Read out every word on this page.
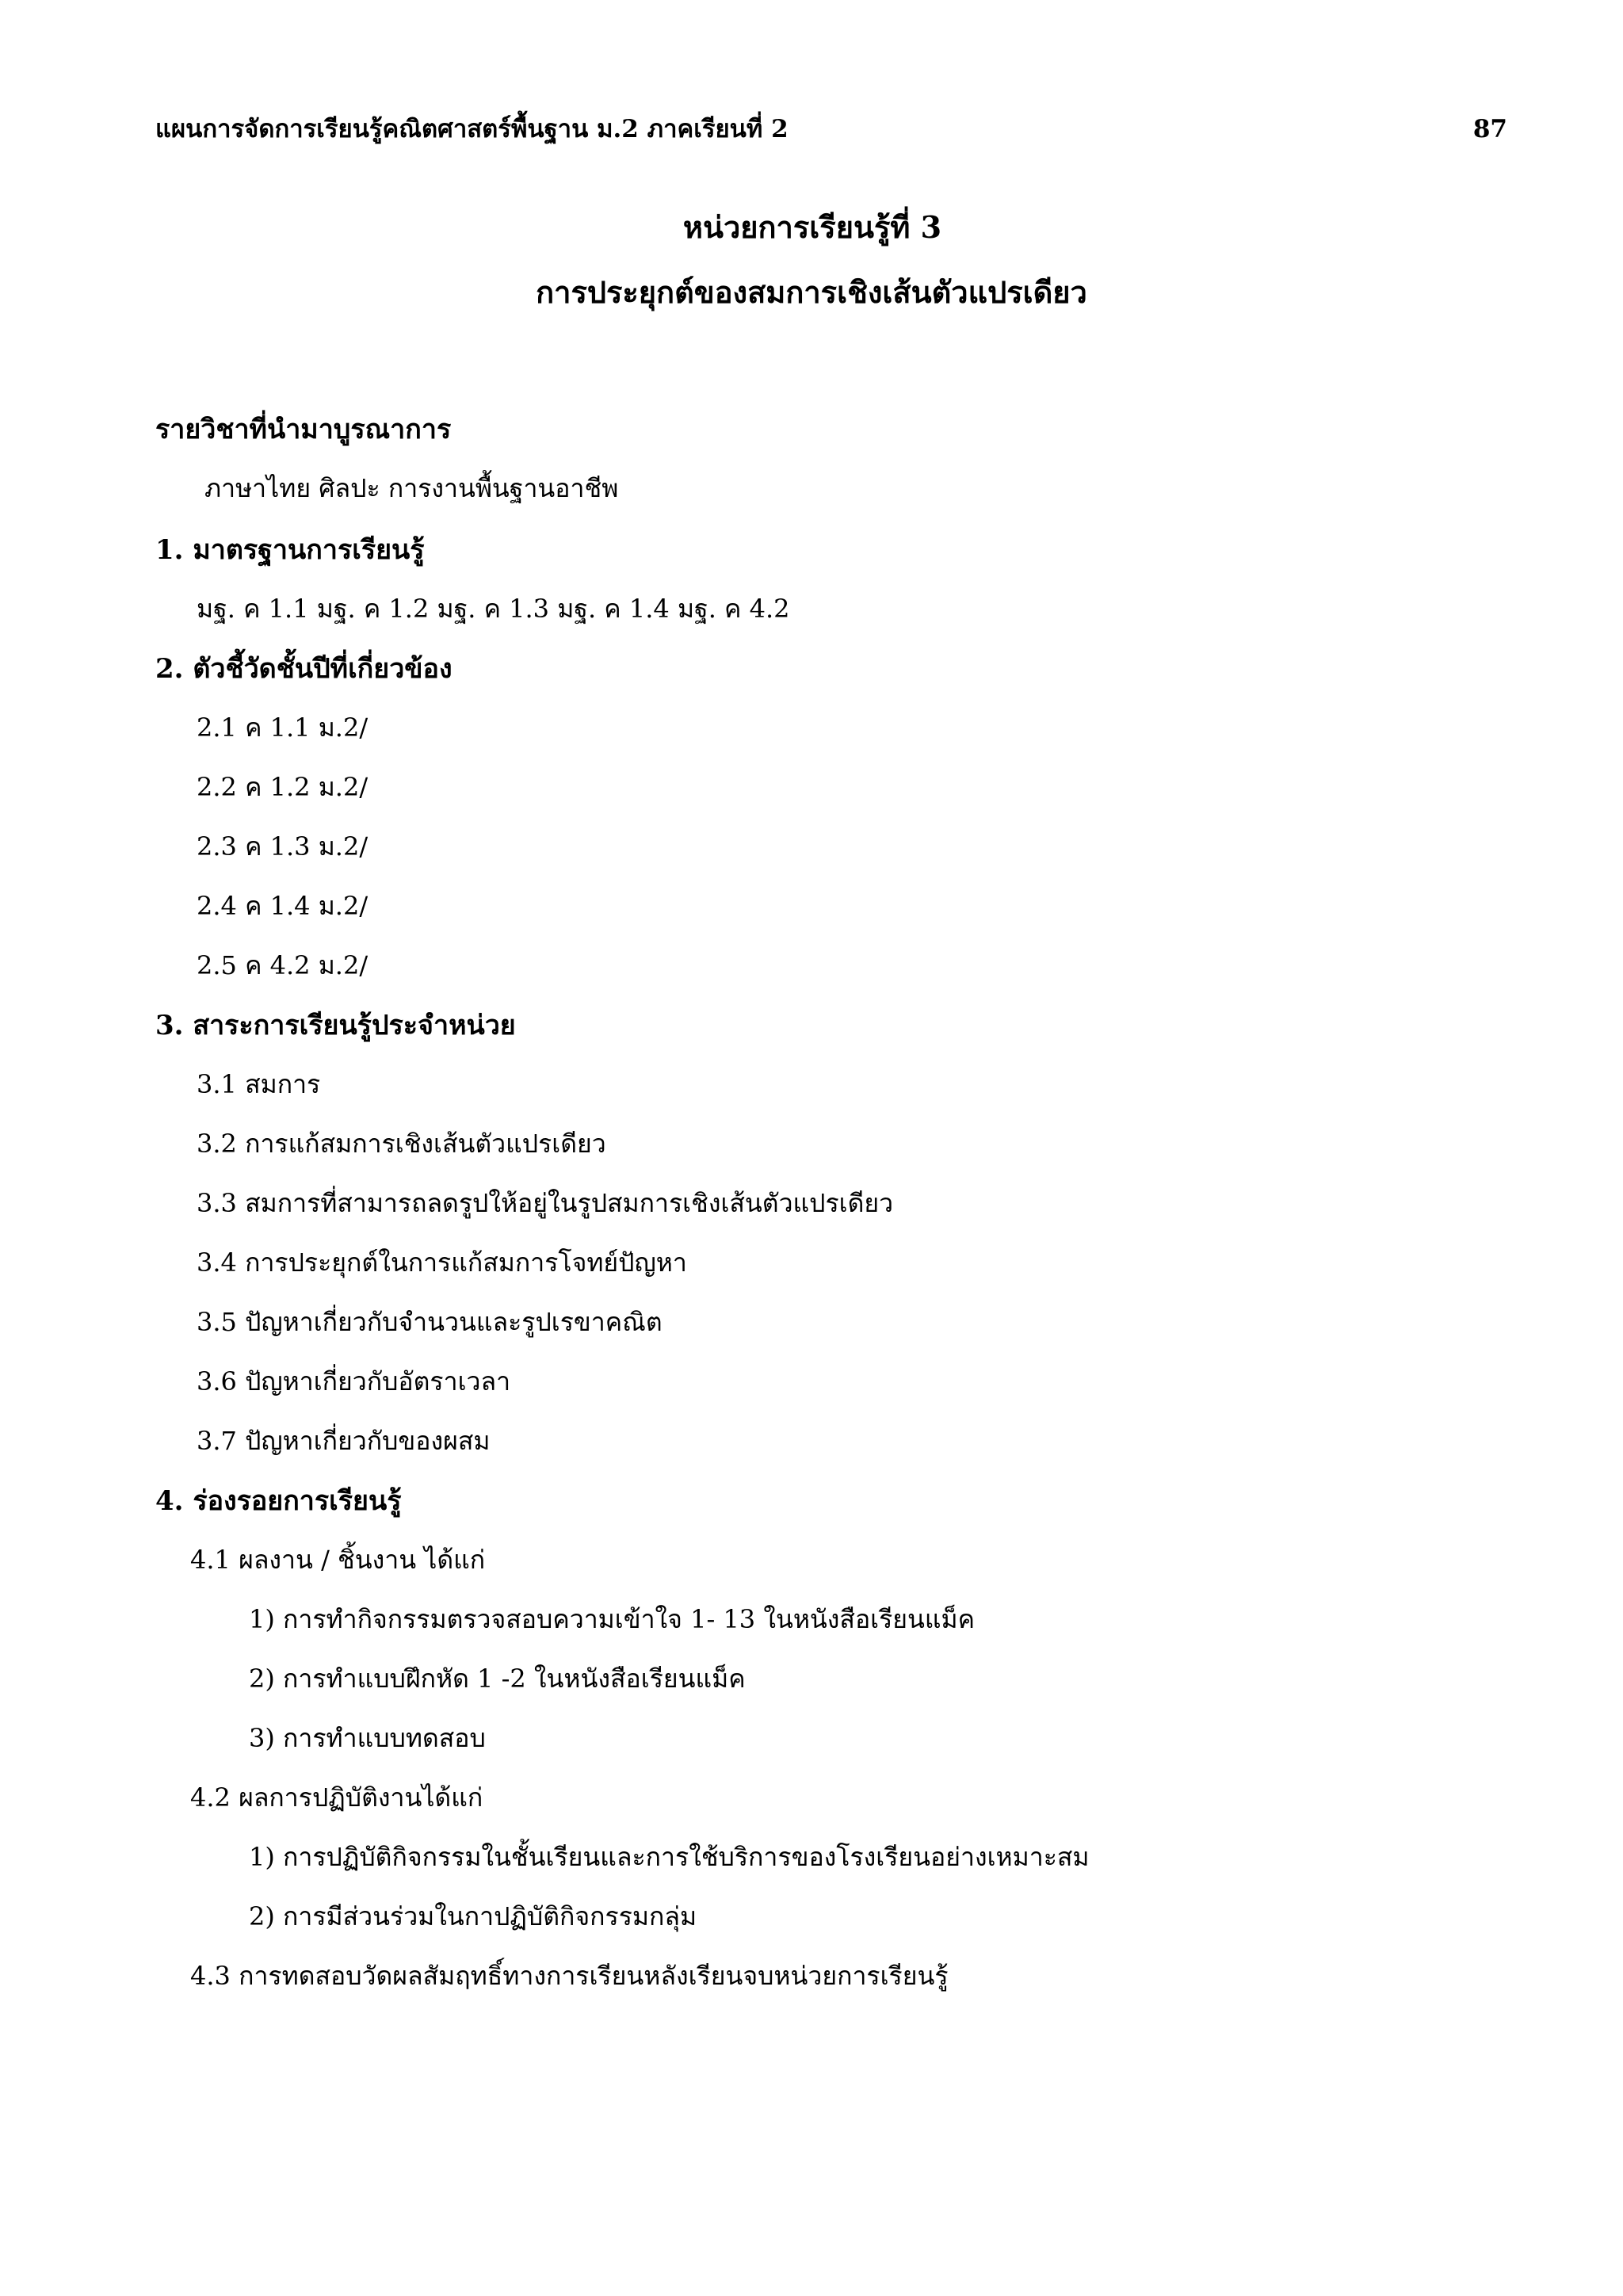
แผนการจัดการเรียนรู้คณิตศาสตร์พื้นฐาน ม.2 ภาคเรียนที่ 2	87
หน่วยการเรียนรู้ที่ 3
การประยุกต์ของสมการเชิงเส้นตัวแปรเดียว
รายวิชาที่นำมาบูรณาการ
ภาษาไทย ศิลปะ การงานพื้นฐานอาชีพ
1. มาตรฐานการเรียนรู้
มฐ. ค 1.1 มฐ. ค 1.2 มฐ. ค 1.3 มฐ. ค 1.4 มฐ. ค 4.2
2. ตัวชี้วัดชั้นปีที่เกี่ยวข้อง
2.1 ค 1.1 ม.2/
2.2 ค 1.2 ม.2/
2.3 ค 1.3 ม.2/
2.4 ค 1.4 ม.2/
2.5 ค 4.2 ม.2/
3. สาระการเรียนรู้ประจำหน่วย
3.1 สมการ
3.2 การแก้สมการเชิงเส้นตัวแปรเดียว
3.3 สมการที่สามารถลดรูปให้อยู่ในรูปสมการเชิงเส้นตัวแปรเดียว
3.4 การประยุกต์ในการแก้สมการโจทย์ปัญหา
3.5 ปัญหาเกี่ยวกับจำนวนและรูปเรขาคณิต
3.6 ปัญหาเกี่ยวกับอัตราเวลา
3.7 ปัญหาเกี่ยวกับของผสม
4. ร่องรอยการเรียนรู้
4.1 ผลงาน / ชิ้นงาน ได้แก่
1) การทำกิจกรรมตรวจสอบความเข้าใจ 1- 13 ในหนังสือเรียนแม็ค
2) การทำแบบฝึกหัด 1 -2 ในหนังสือเรียนแม็ค
3) การทำแบบทดสอบ
4.2 ผลการปฏิบัติงานได้แก่
1) การปฏิบัติกิจกรรมในชั้นเรียนและการใช้บริการของโรงเรียนอย่างเหมาะสม
2) การมีส่วนร่วมในกาปฏิบัติกิจกรรมกลุ่ม
4.3 การทดสอบวัดผลสัมฤทธิ์ทางการเรียนหลังเรียนจบหน่วยการเรียนรู้
